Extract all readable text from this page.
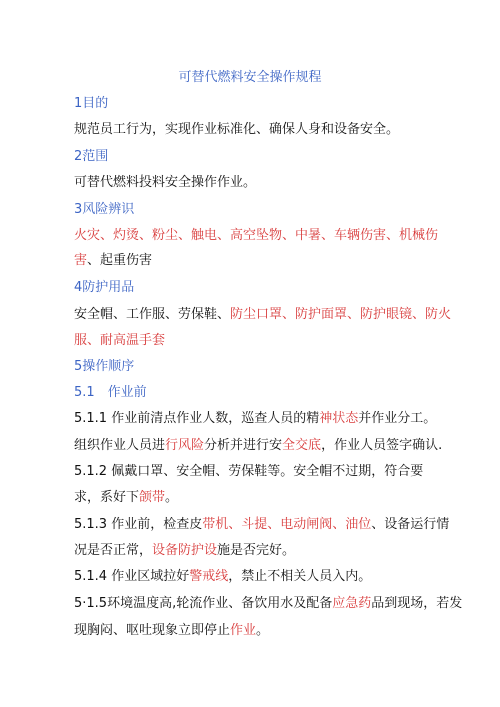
可替代燃料安全操作规程
1目的
规范员工行为，实现作业标准化、确保人身和设备安全。
2范围
可替代燃料投料安全操作作业。
3风险辨识
火灾、灼烫、粉尘、触电、高空坠物、中暑、车辆伤害、机械伤
害、起重伤害
4防护用品
安全帽、工作服、劳保鞋、防尘口罩、防护面罩、防护眼镜、防火
服、耐高温手套
5操作顺序
5.1　作业前
5.1.1 作业前清点作业人数，巡查人员的精神状态并作业分工。
组织作业人员进行风险分析并进行安全交底，作业人员签字确认.
5.1.2 佩戴口罩、安全帽、劳保鞋等。安全帽不过期，符合要
求，系好下颌带。
5.1.3 作业前，检查皮带机、斗提、电动闸阀、油位、设备运行情
况是否正常，设备防护设施是否完好。
5.1.4 作业区域拉好警戒线，禁止不相关人员入内。
5·1.5环境温度高,轮流作业、备饮用水及配备应急药品到现场，若发
现胸闷、呕吐现象立即停止作业。
